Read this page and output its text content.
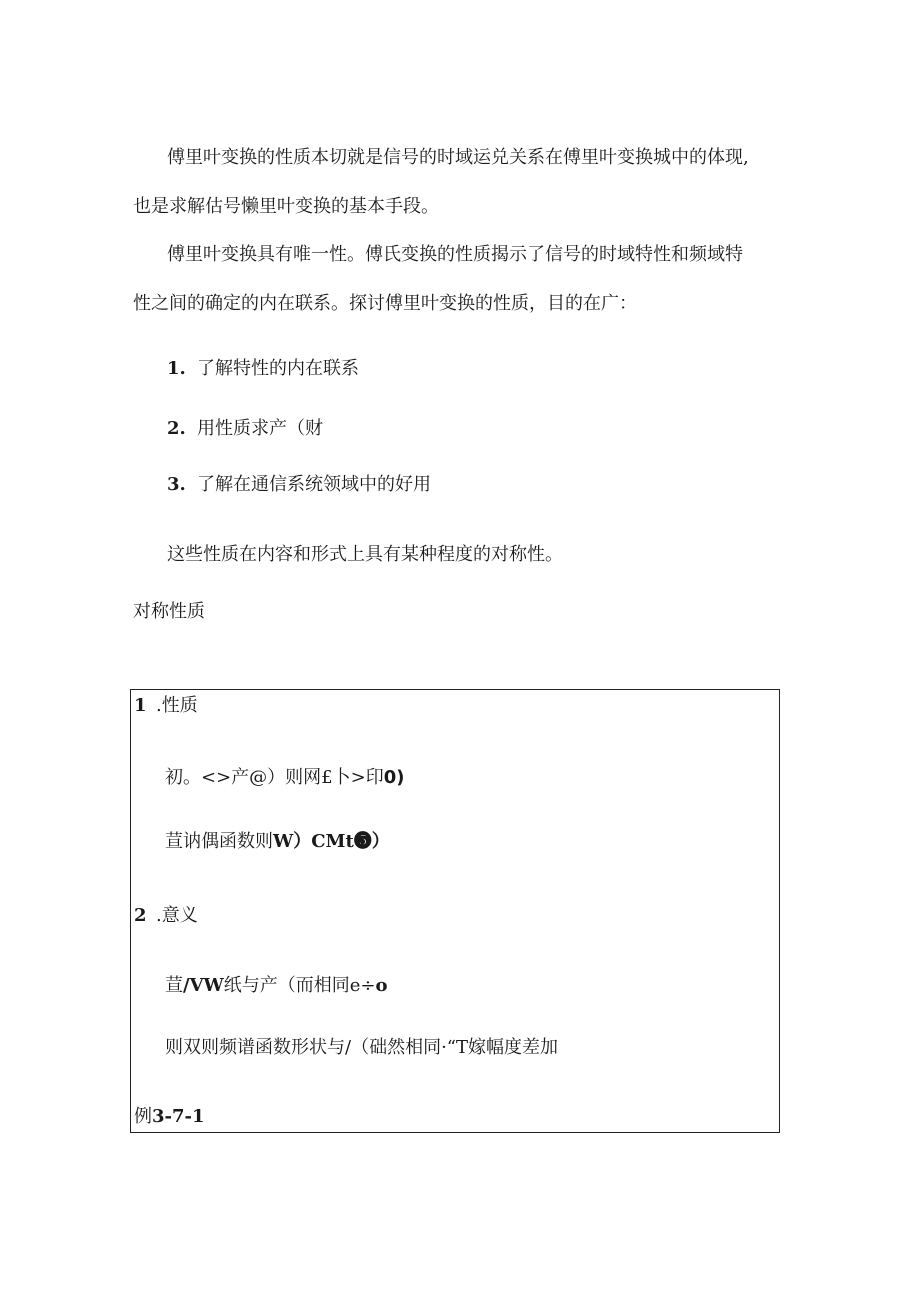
傅里叶变换的性质本切就是信号的时域运兑关系在傅里叶变换城中的体现,
也是求解估号懒里叶变换的基本手段。
傅里叶变换具有唯一性。傅氏变换的性质揭示了信号的时域特性和频域特
性之间的确定的内在联系。探讨傅里叶变换的性质，目的在广：
1. 了解特性的内在联系
2. 用性质求产（财
3. 了解在通信系统领域中的好用
这些性质在内容和形式上具有某种程度的对称性。
对称性质
1 .性质
初。<>产@）则网£卜>印0)
荁讷偶函数则W）CMt❺）
2 .意义
荁/VW纸与产（而相同e÷o
则双则频谱函数形状与/（础然相同·“T嫁幅度差加
例3-7-1
